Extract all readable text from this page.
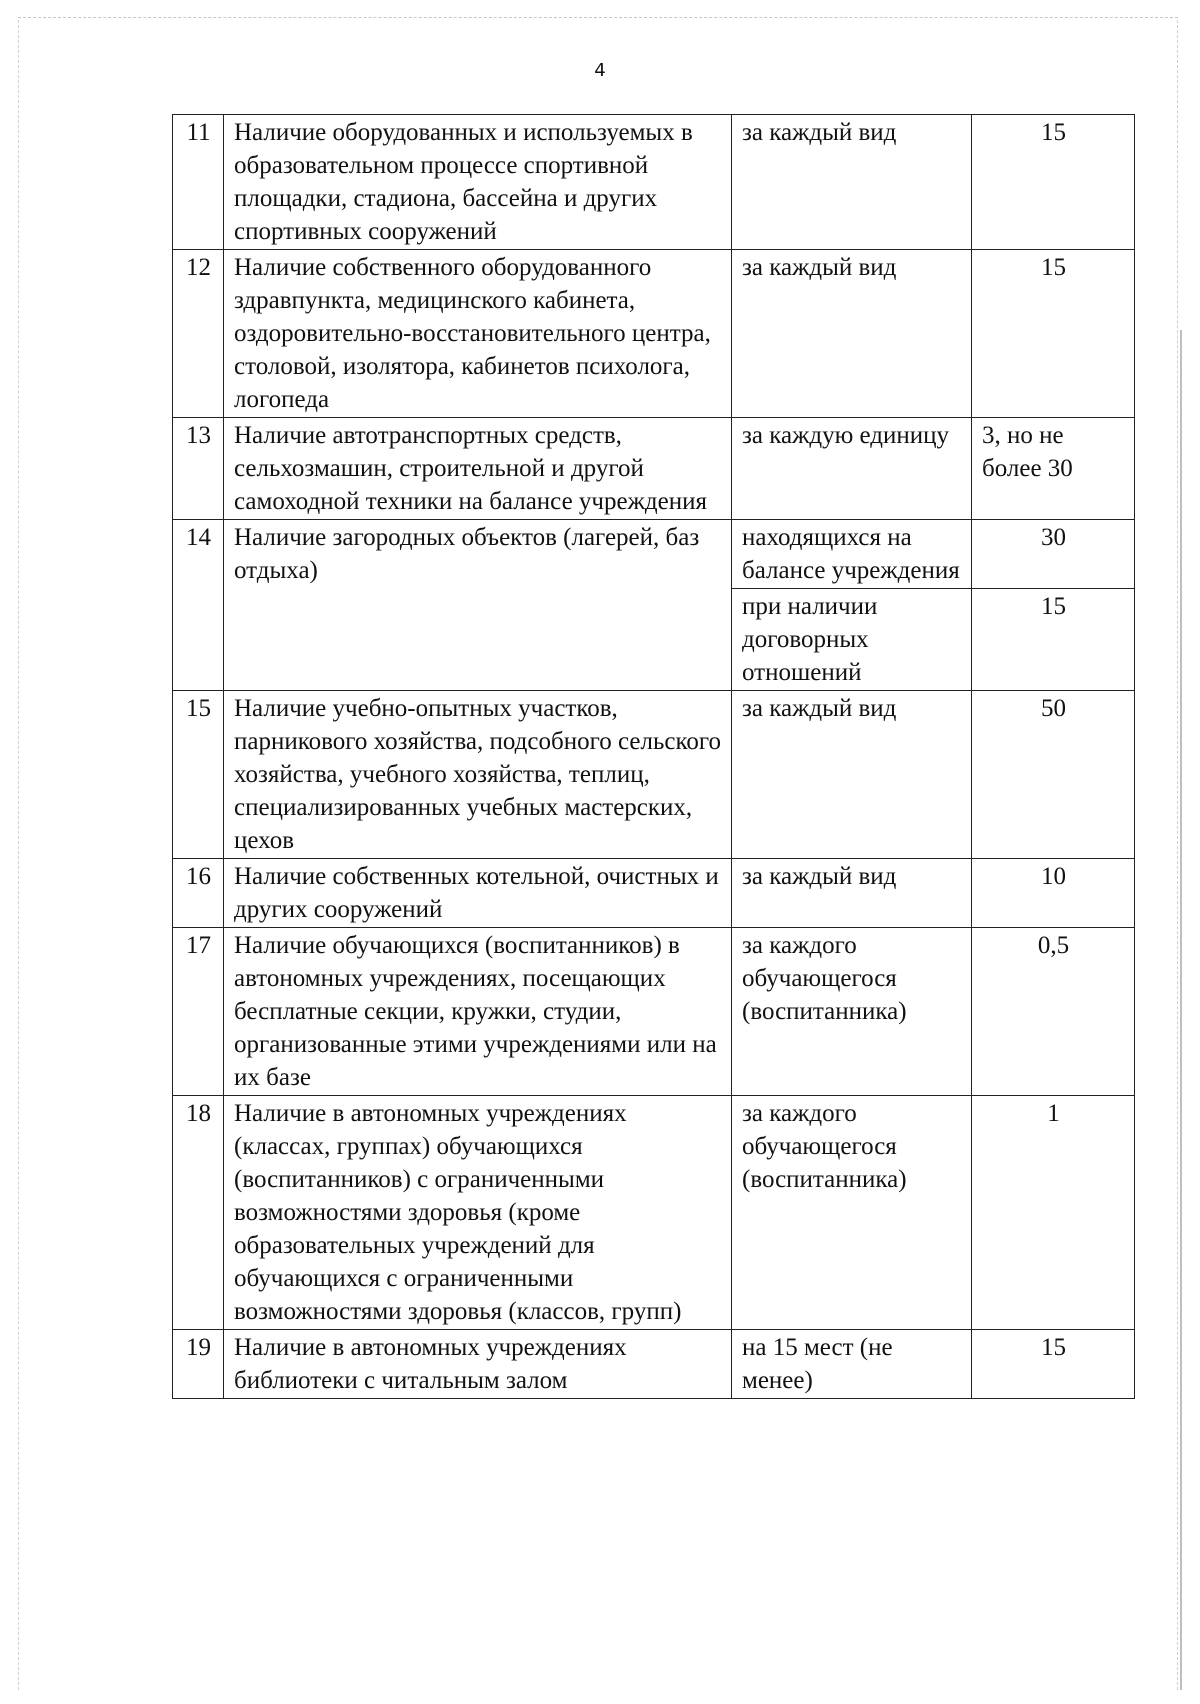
4
11	Наличие оборудованных и используемых в образовательном процессе спортивной площадки, стадиона, бассейна и других спортивных сооружений	за каждый вид	15
12	Наличие собственного оборудованного здравпункта, медицинского кабинета, оздоровительно-восстановительного центра, столовой, изолятора, кабинетов психолога, логопеда	за каждый вид	15
13	Наличие автотранспортных средств, сельхозмашин, строительной и другой самоходной техники на балансе учреждения	за каждую единицу	3, но не более 30
14	Наличие загородных объектов (лагерей, баз отдыха)	находящихся на балансе учреждения	30
		при наличии договорных отношений	15
15	Наличие учебно-опытных участков, парникового хозяйства, подсобного сельского хозяйства, учебного хозяйства, теплиц, специализированных учебных мастерских, цехов	за каждый вид	50
16	Наличие собственных котельной, очистных и других сооружений	за каждый вид	10
17	Наличие обучающихся (воспитанников) в автономных учреждениях, посещающих бесплатные секции, кружки, студии, организованные этими учреждениями или на их базе	за каждого обучающегося (воспитанника)	0,5
18	Наличие в автономных учреждениях (классах, группах) обучающихся (воспитанников) с ограниченными возможностями здоровья (кроме образовательных учреждений для обучающихся с ограниченными возможностями здоровья (классов, групп)	за каждого обучающегося (воспитанника)	1
19	Наличие в автономных учреждениях библиотеки с читальным залом	на 15 мест (не менее)	15
